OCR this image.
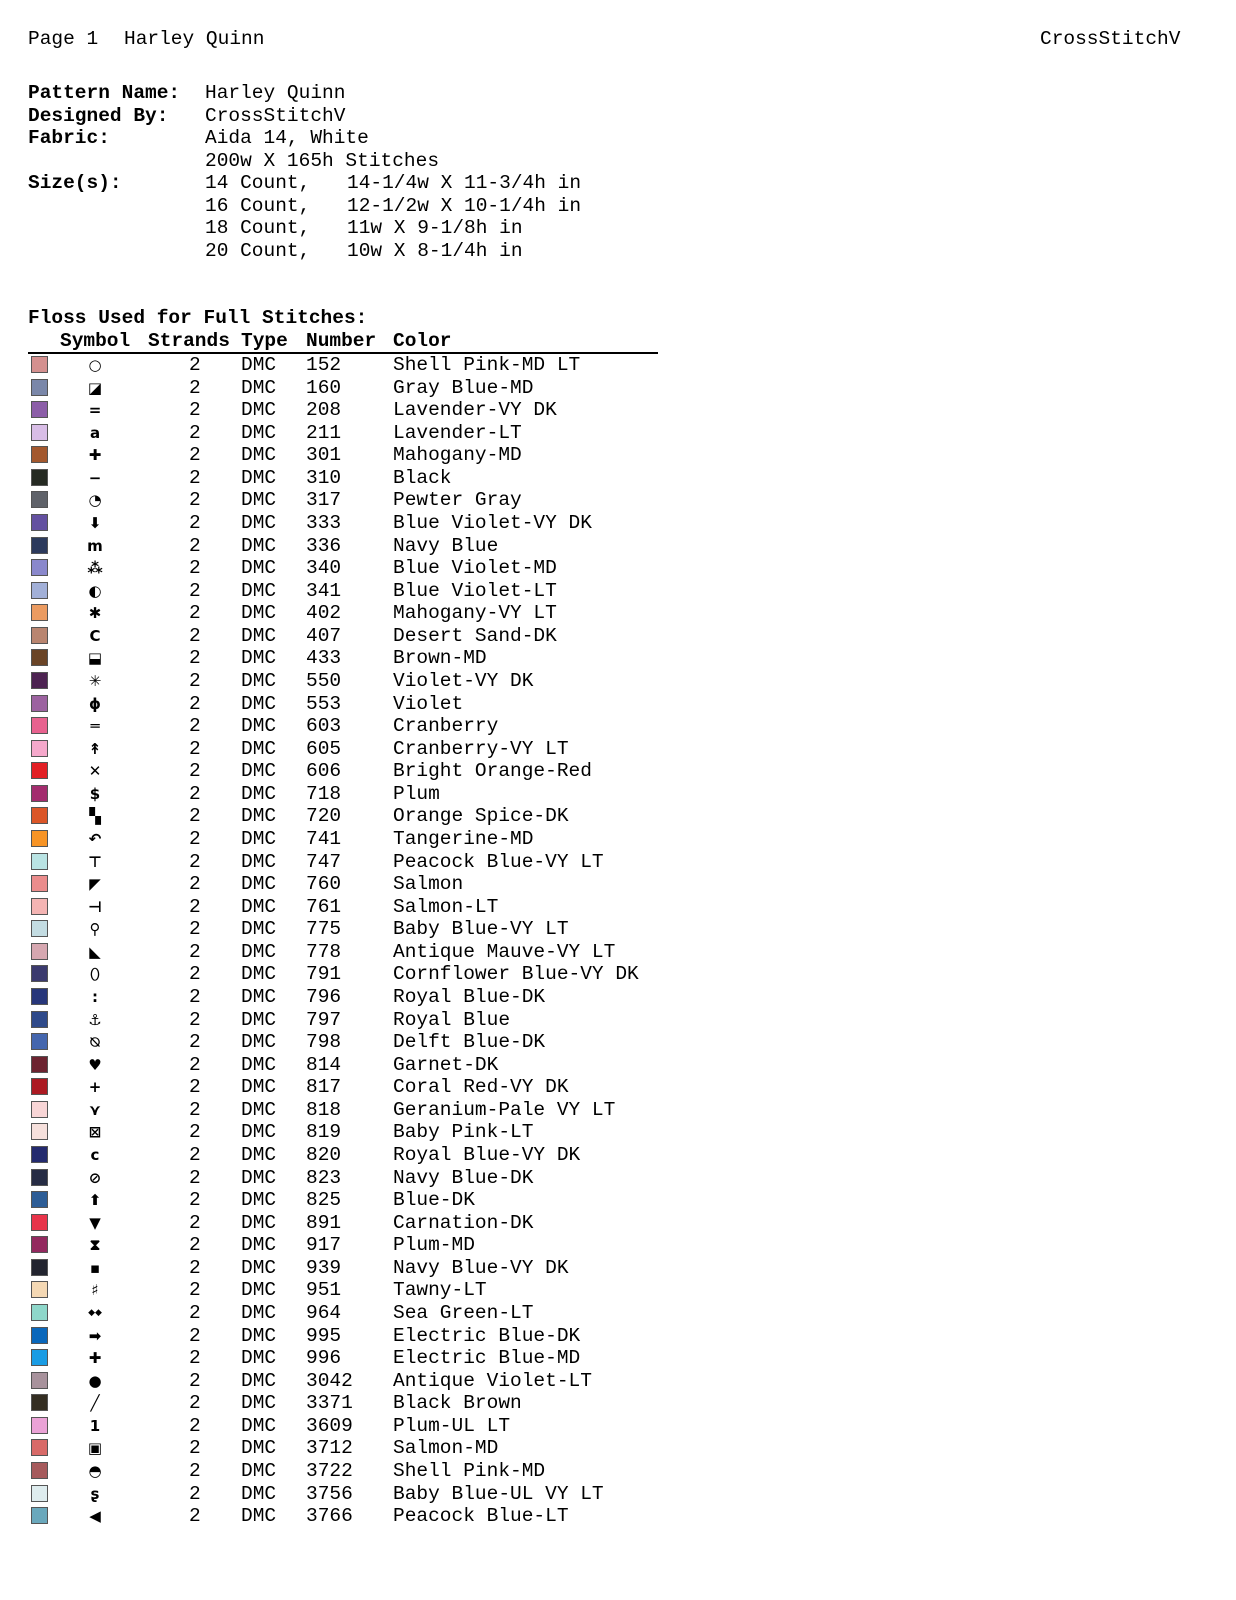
Page 1 Harley Quinn	CrossStitchV
Pattern Name: Harley Quinn
Designed By: CrossStitchV
Fabric:	Aida 14, White
200w X 165h Stitches
Size(s):	14 Count, 14-1/4w X 11-3/4h in
16 Count, 12-1/2w X 10-1/4h in
18 Count, 11w X 9-1/8h in
20 Count, 10w X 8-1/4h in
Floss Used for Full Stitches:
Symbol Strands Type Number Color
○	2 DMC 152	Shell Pink-MD LT
◪	2 DMC 160	Gray Blue-MD
=	2 DMC 208	Lavender-VY DK
a	2 DMC 211	Lavender-LT
✚	2 DMC 301	Mahogany-MD
−	2 DMC 310	Black
◔	2 DMC 317	Pewter Gray
⬇	2 DMC 333	Blue Violet-VY DK
m	2 DMC 336	Navy Blue
⁂	2 DMC 340	Blue Violet-MD
◐	2 DMC 341	Blue Violet-LT
✱	2 DMC 402	Mahogany-VY LT
C	2 DMC 407	Desert Sand-DK
⬓	2 DMC 433	Brown-MD
✳	2 DMC 550	Violet-VY DK
ϕ	2 DMC 553	Violet
═	2 DMC 603	Cranberry
↟	2 DMC 605	Cranberry-VY LT
✕	2 DMC 606	Bright Orange-Red
$	2 DMC 718	Plum
▚	2 DMC 720	Orange Spice-DK
↶	2 DMC 741	Tangerine-MD
⊤	2 DMC 747	Peacock Blue-VY LT
◤	2 DMC 760	Salmon
⊣	2 DMC 761	Salmon-LT
⚲	2 DMC 775	Baby Blue-VY LT
◣	2 DMC 778	Antique Mauve-VY LT
⬯	2 DMC 791	Cornflower Blue-VY DK
:	2 DMC 796	Royal Blue-DK
⚓	2 DMC 797	Royal Blue
⍉	2 DMC 798	Delft Blue-DK
♥	2 DMC 814	Garnet-DK
+	2 DMC 817	Coral Red-VY DK
⋎	2 DMC 818	Geranium-Pale VY LT
⊠	2 DMC 819	Baby Pink-LT
c	2 DMC 820	Royal Blue-VY DK
⊘	2 DMC 823	Navy Blue-DK
⬆	2 DMC 825	Blue-DK
▼	2 DMC 891	Carnation-DK
⧗	2 DMC 917	Plum-MD
▪	2 DMC 939	Navy Blue-VY DK
♯	2 DMC 951	Tawny-LT
◆◆	2 DMC 964	Sea Green-LT
➡	2 DMC 995	Electric Blue-DK
✚	2 DMC 996	Electric Blue-MD
●	2 DMC 3042 Antique Violet-LT
╱	2 DMC 3371 Black Brown
1	2 DMC 3609 Plum-UL LT
▣	2 DMC 3712 Salmon-MD
◓	2 DMC 3722 Shell Pink-MD
ʂ	2 DMC 3756 Baby Blue-UL VY LT
◀	2 DMC 3766 Peacock Blue-LT
